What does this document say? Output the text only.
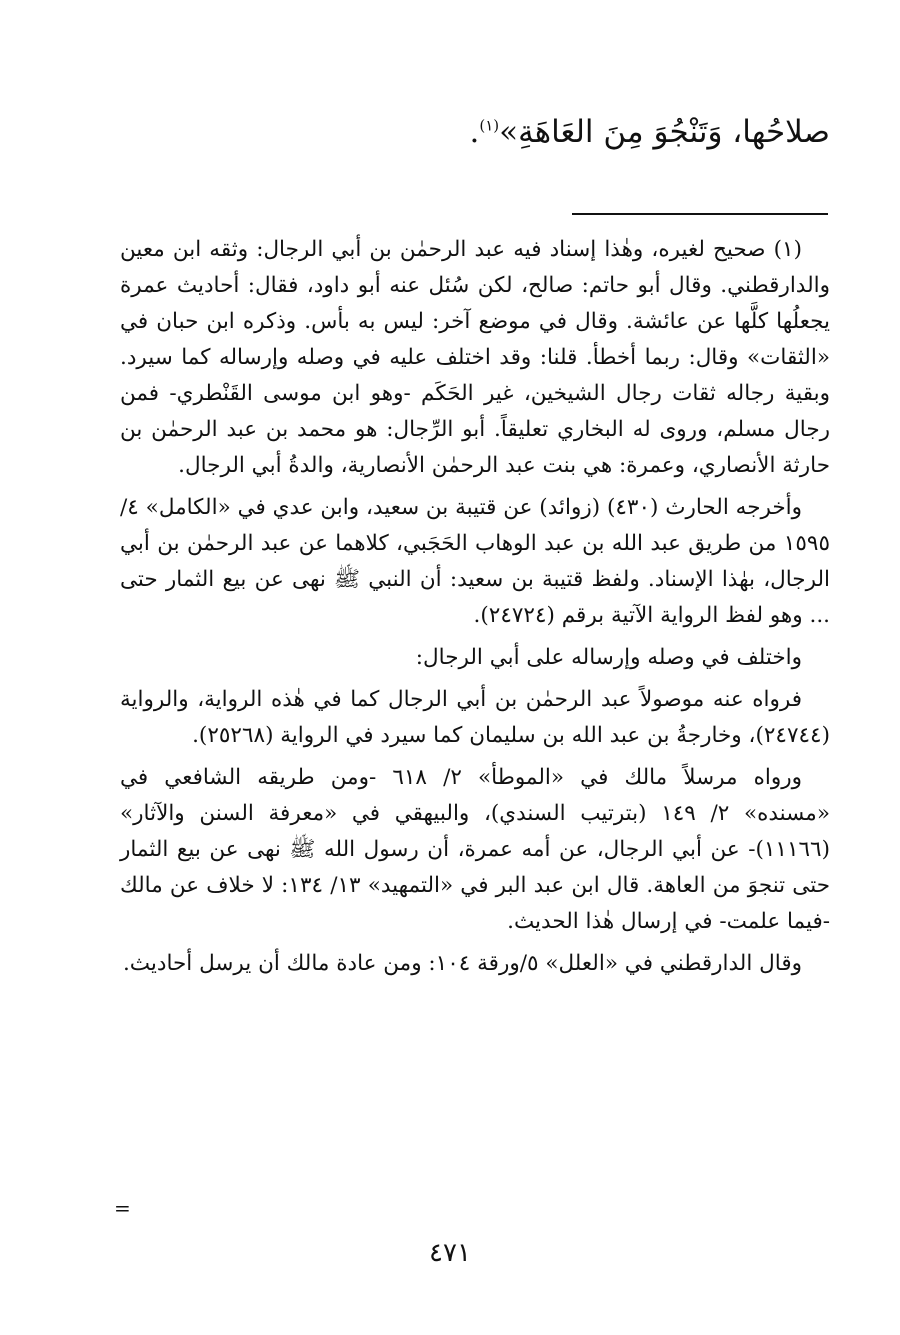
صلاحُها، وَتَنْجُوَ مِنَ العَاهَةِ»$^{(١)}$.

(١) صحيح لغيره، وهٰذا إسناد فيه عبد الرحمٰن بن أبي الرجال: وثقه ابن معين والدارقطني. وقال أبو حاتم: صالح، لكن سُئل عنه أبو داود، فقال: أحاديث عمرة يجعلُها كلَّها عن عائشة. وقال في موضع آخر: ليس به بأس. وذكره ابن حبان في «الثقات» وقال: ربما أخطأ. قلنا: وقد اختلف عليه في وصله وإرساله كما سيرد. وبقية رجاله ثقات رجال الشيخين، غير الحَكَم -وهو ابن موسى القَنْطري- فمن رجال مسلم، وروى له البخاري تعليقاً. أبو الرِّجال: هو محمد بن عبد الرحمٰن بن حارثة الأنصاري، وعمرة: هي بنت عبد الرحمٰن الأنصارية، والدةُ أبي الرجال.

وأخرجه الحارث (٤٣٠) (زوائد) عن قتيبة بن سعيد، وابن عدي في «الكامل» ٤/ ١٥٩٥ من طريق عبد الله بن عبد الوهاب الحَجَبي، كلاهما عن عبد الرحمٰن بن أبي الرجال، بهٰذا الإسناد. ولفظ قتيبة بن سعيد: أن النبي ﷺ نهى عن بيع الثمار حتى ... وهو لفظ الرواية الآتية برقم (٢٤٧٢٤).

واختلف في وصله وإرساله على أبي الرجال:

فرواه عنه موصولاً عبد الرحمٰن بن أبي الرجال كما في هٰذه الرواية، والرواية (٢٤٧٤٤)، وخارجةُ بن عبد الله بن سليمان كما سيرد في الرواية (٢٥٢٦٨).

ورواه مرسلاً مالك في «الموطأ» ٢/ ٦١٨ -ومن طريقه الشافعي في «مسنده» ٢/ ١٤٩ (بترتيب السندي)، والبيهقي في «معرفة السنن والآثار» (١١١٦٦)- عن أبي الرجال، عن أمه عمرة، أن رسول الله ﷺ نهى عن بيع الثمار حتى تنجوَ من العاهة. قال ابن عبد البر في «التمهيد» ١٣/ ١٣٤: لا خلاف عن مالك -فيما علمت- في إرسال هٰذا الحديث.

وقال الدارقطني في «العلل» ٥/ورقة ١٠٤: ومن عادة مالك أن يرسل أحاديث.

=
٤٧١
